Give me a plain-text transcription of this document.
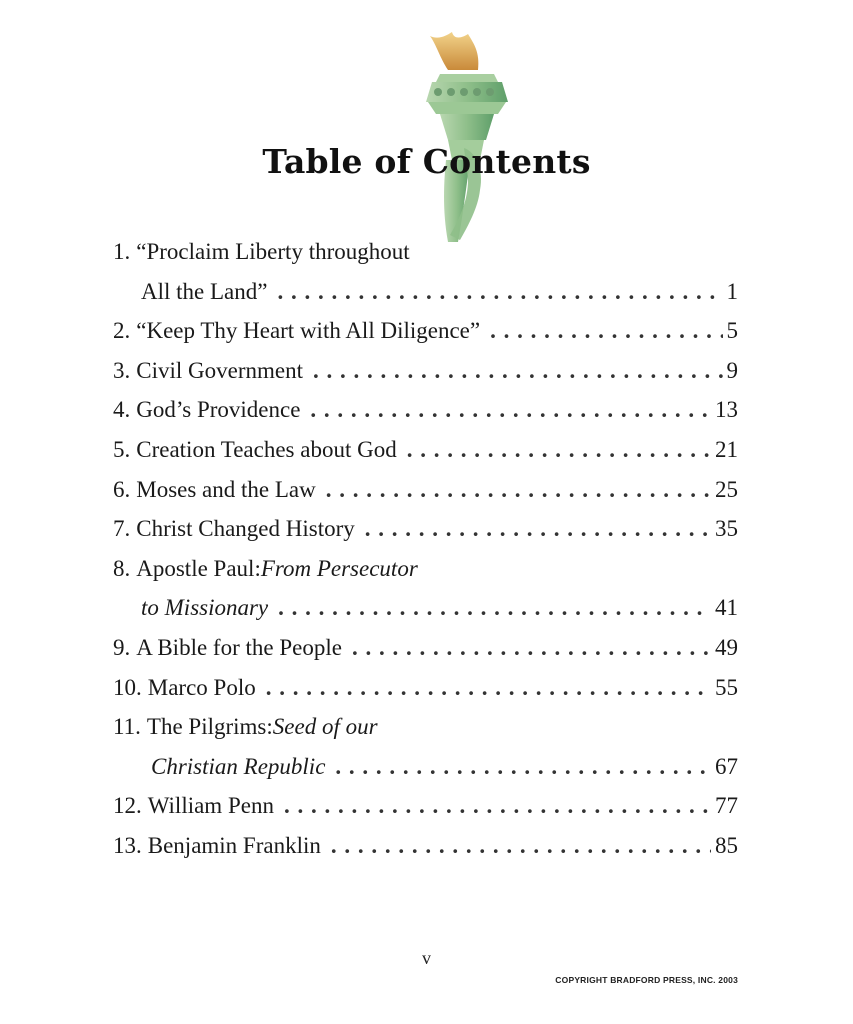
Table of Contents
1. “Proclaim Liberty throughout
All the Land” . . .	1
2. “Keep Thy Heart with All Diligence” . . .	5
3. Civil Government . . .	9
4. God’s Providence . . .	13
5. Creation Teaches about God . . .	21
6. Moses and the Law . . .	25
7. Christ Changed History . . .	35
8. Apostle Paul: From Persecutor
to Missionary . . .	41
9. A Bible for the People . . .	49
10. Marco Polo . . .	55
11. The Pilgrims: Seed of our
Christian Republic . . .	67
12. William Penn . . .	77
13. Benjamin Franklin . . .	85
v
COPYRIGHT BRADFORD PRESS, INC. 2003
